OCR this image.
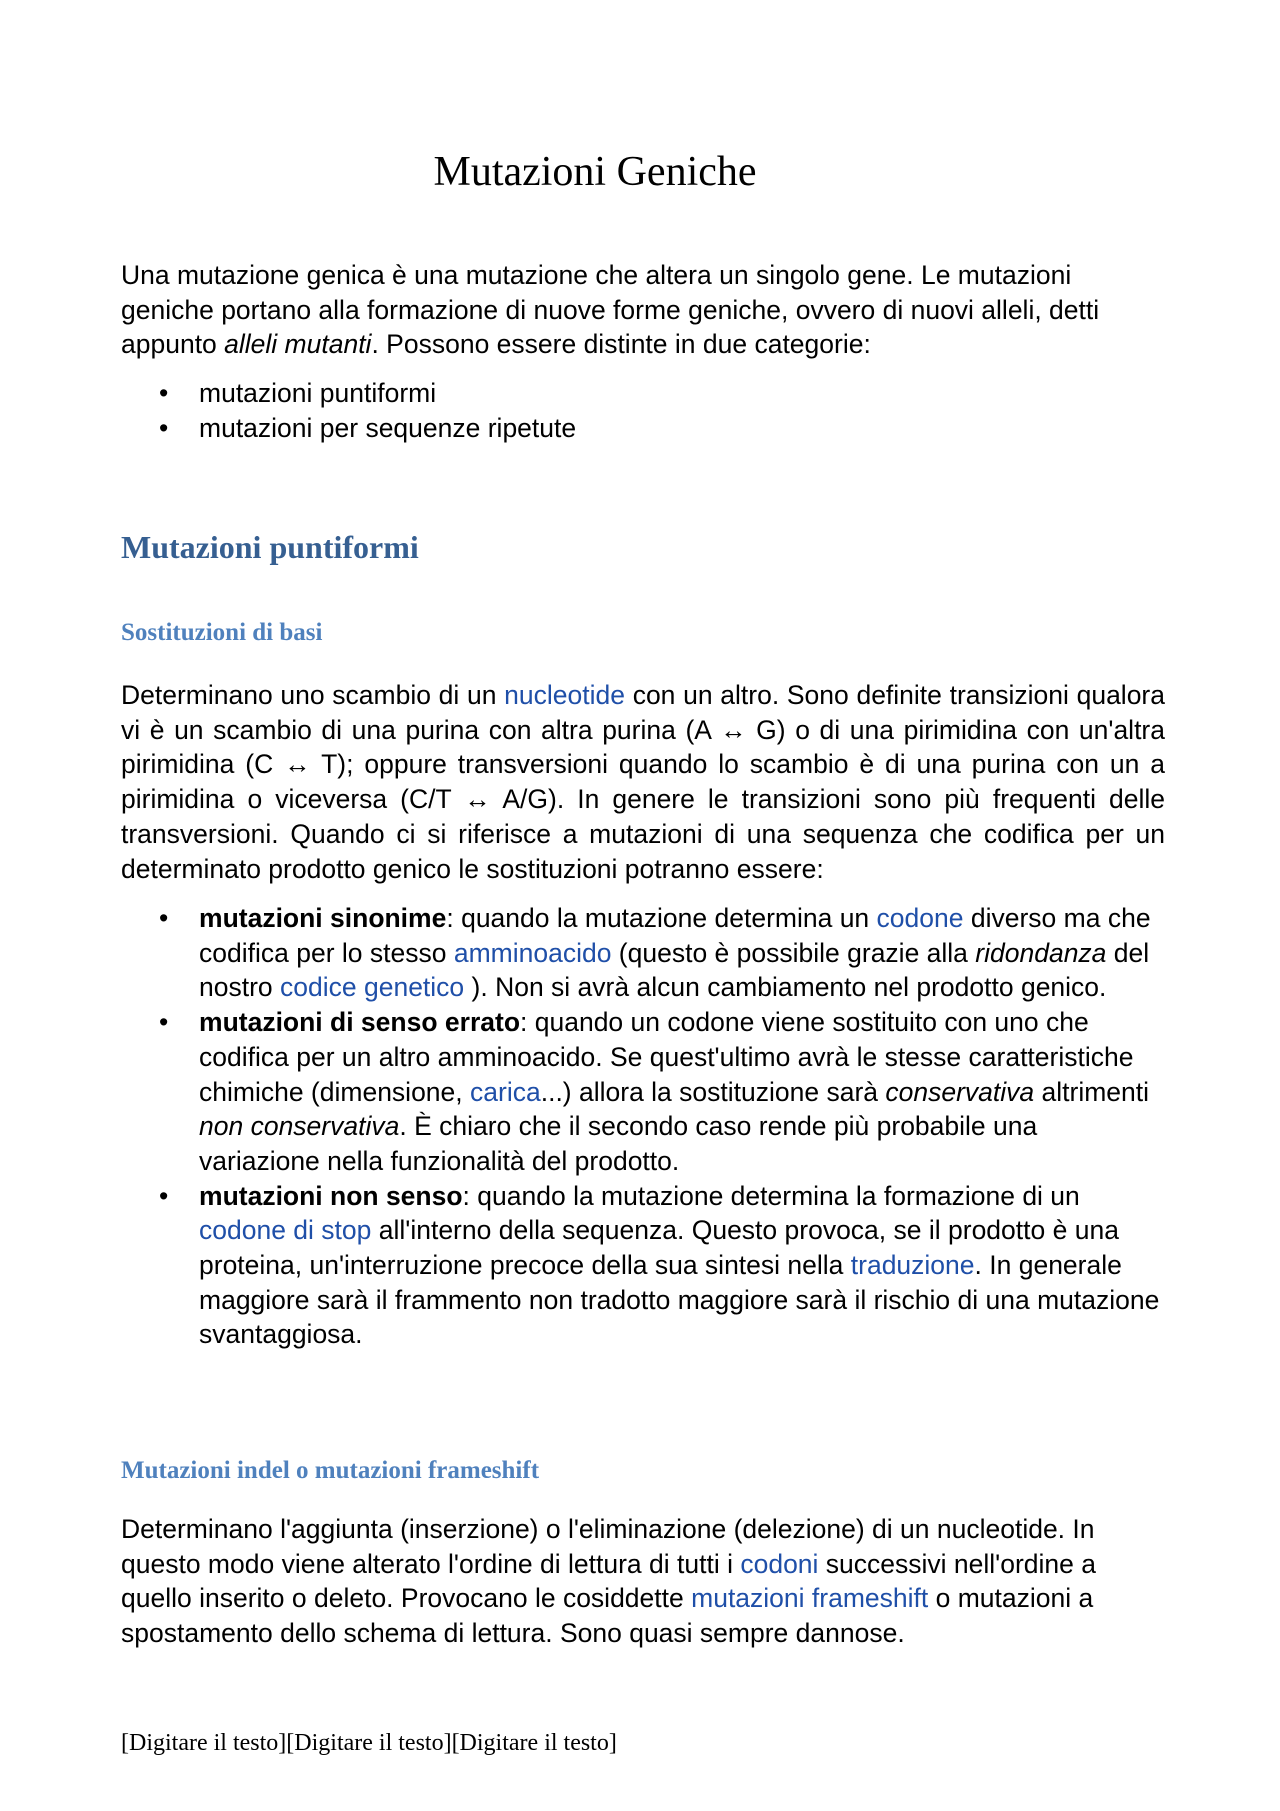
Mutazioni Geniche

Una mutazione genica è una mutazione che altera un singolo gene. Le mutazioni geniche portano alla formazione di nuove forme geniche, ovvero di nuovi alleli, detti appunto alleli mutanti. Possono essere distinte in due categorie:

• mutazioni puntiformi
• mutazioni per sequenze ripetute
Mutazioni puntiformi
Sostituzioni di basi

Determinano uno scambio di un nucleotide con un altro. Sono definite transizioni qualora vi è un scambio di una purina con altra purina (A ↔ G) o di una pirimidina con un'altra pirimidina (C ↔ T); oppure transversioni quando lo scambio è di una purina con un a pirimidina o viceversa (C/T ↔ A/G). In genere le transizioni sono più frequenti delle transversioni. Quando ci si riferisce a mutazioni di una sequenza che codifica per un determinato prodotto genico le sostituzioni potranno essere:

• mutazioni sinonime: quando la mutazione determina un codone diverso ma che codifica per lo stesso amminoacido (questo è possibile grazie alla ridondanza del nostro codice genetico ). Non si avrà alcun cambiamento nel prodotto genico.
• mutazioni di senso errato: quando un codone viene sostituito con uno che codifica per un altro amminoacido. Se quest'ultimo avrà le stesse caratteristiche chimiche (dimensione, carica...) allora la sostituzione sarà conservativa altrimenti non conservativa. È chiaro che il secondo caso rende più probabile una variazione nella funzionalità del prodotto.
• mutazioni non senso: quando la mutazione determina la formazione di un codone di stop all'interno della sequenza. Questo provoca, se il prodotto è una proteina, un'interruzione precoce della sua sintesi nella traduzione. In generale maggiore sarà il frammento non tradotto maggiore sarà il rischio di una mutazione svantaggiosa.
Mutazioni indel o mutazioni frameshift

Determinano l'aggiunta (inserzione) o l'eliminazione (delezione) di un nucleotide. In questo modo viene alterato l'ordine di lettura di tutti i codoni successivi nell'ordine a quello inserito o deleto. Provocano le cosiddette mutazioni frameshift o mutazioni a spostamento dello schema di lettura. Sono quasi sempre dannose.

[Digitare il testo][Digitare il testo][Digitare il testo]
